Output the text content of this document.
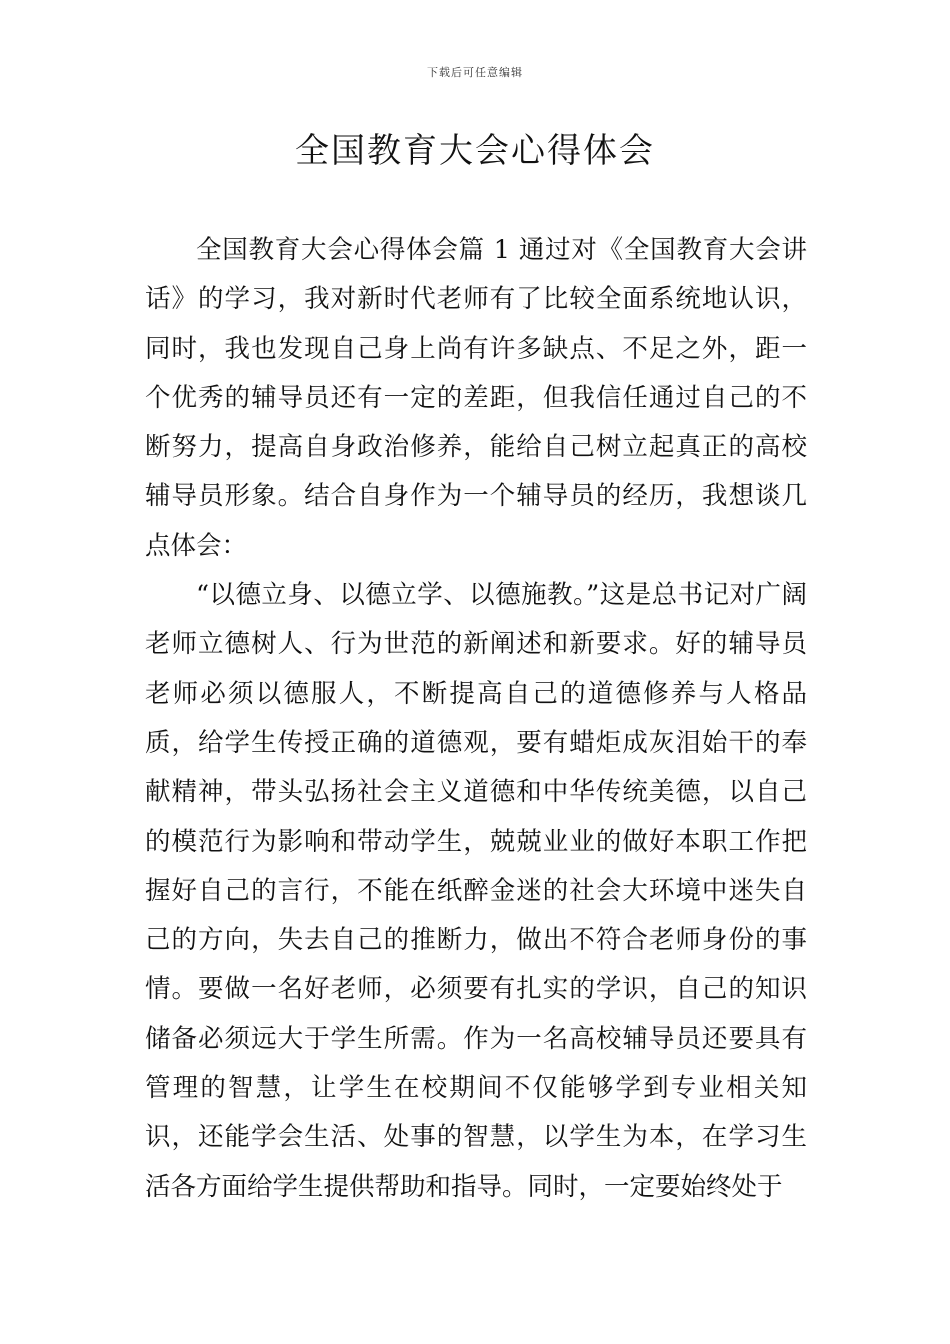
下载后可任意编辑
全国教育大会心得体会

全国教育大会心得体会篇 1 通过对《全国教育大会讲话》的学习，我对新时代老师有了比较全面系统地认识，同时，我也发现自己身上尚有许多缺点、不足之外，距一个优秀的辅导员还有一定的差距，但我信任通过自己的不断努力，提高自身政治修养，能给自己树立起真正的高校辅导员形象。结合自身作为一个辅导员的经历，我想谈几点体会：

“以德立身、以德立学、以德施教。”这是总书记对广阔老师立德树人、行为世范的新阐述和新要求。好的辅导员老师必须以德服人，不断提高自己的道德修养与人格品质，给学生传授正确的道德观，要有蜡炬成灰泪始干的奉献精神，带头弘扬社会主义道德和中华传统美德，以自己的模范行为影响和带动学生，兢兢业业的做好本职工作把握好自己的言行，不能在纸醉金迷的社会大环境中迷失自己的方向，失去自己的推断力，做出不符合老师身份的事情。要做一名好老师，必须要有扎实的学识，自己的知识储备必须远大于学生所需。作为一名高校辅导员还要具有管理的智慧，让学生在校期间不仅能够学到专业相关知识，还能学会生活、处事的智慧，以学生为本，在学习生活各方面给学生提供帮助和指导。同时，一定要始终处于
